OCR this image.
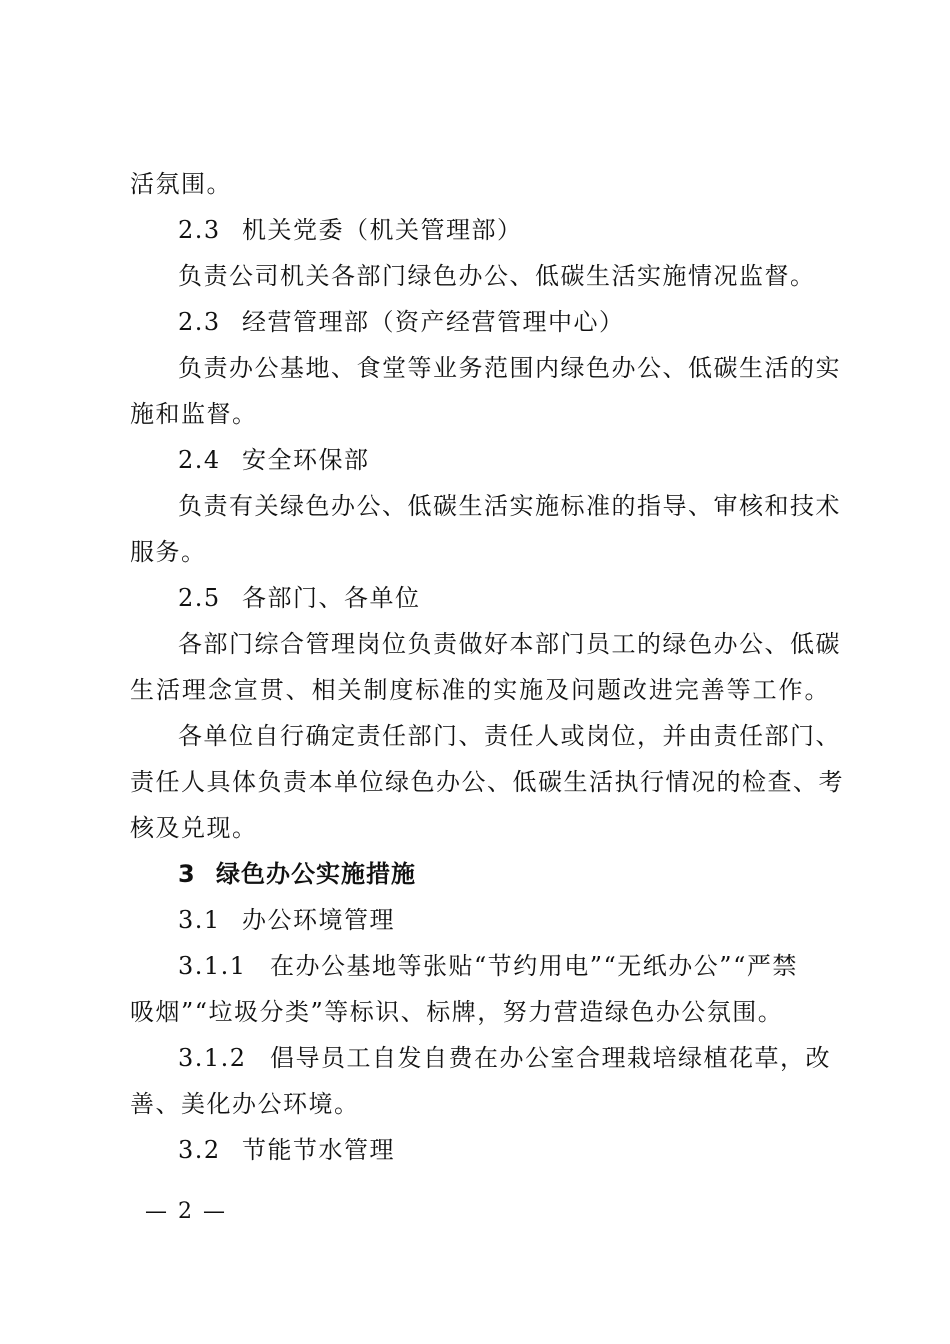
活氛围。
2.3 机关党委（机关管理部）
负责公司机关各部门绿色办公、低碳生活实施情况监督。
2.3 经营管理部（资产经营管理中心）
负责办公基地、食堂等业务范围内绿色办公、低碳生活的实
施和监督。
2.4 安全环保部
负责有关绿色办公、低碳生活实施标准的指导、审核和技术
服务。
2.5 各部门、各单位
各部门综合管理岗位负责做好本部门员工的绿色办公、低碳
生活理念宣贯、相关制度标准的实施及问题改进完善等工作。
各单位自行确定责任部门、责任人或岗位，并由责任部门、
责任人具体负责本单位绿色办公、低碳生活执行情况的检查、考
核及兑现。
3 绿色办公实施措施
3.1 办公环境管理
3.1.1 在办公基地等张贴“节约用电”“无纸办公”“严禁
吸烟”“垃圾分类”等标识、标牌，努力营造绿色办公氛围。
3.1.2 倡导员工自发自费在办公室合理栽培绿植花草，改
善、美化办公环境。
3.2 节能节水管理
— 2 —
